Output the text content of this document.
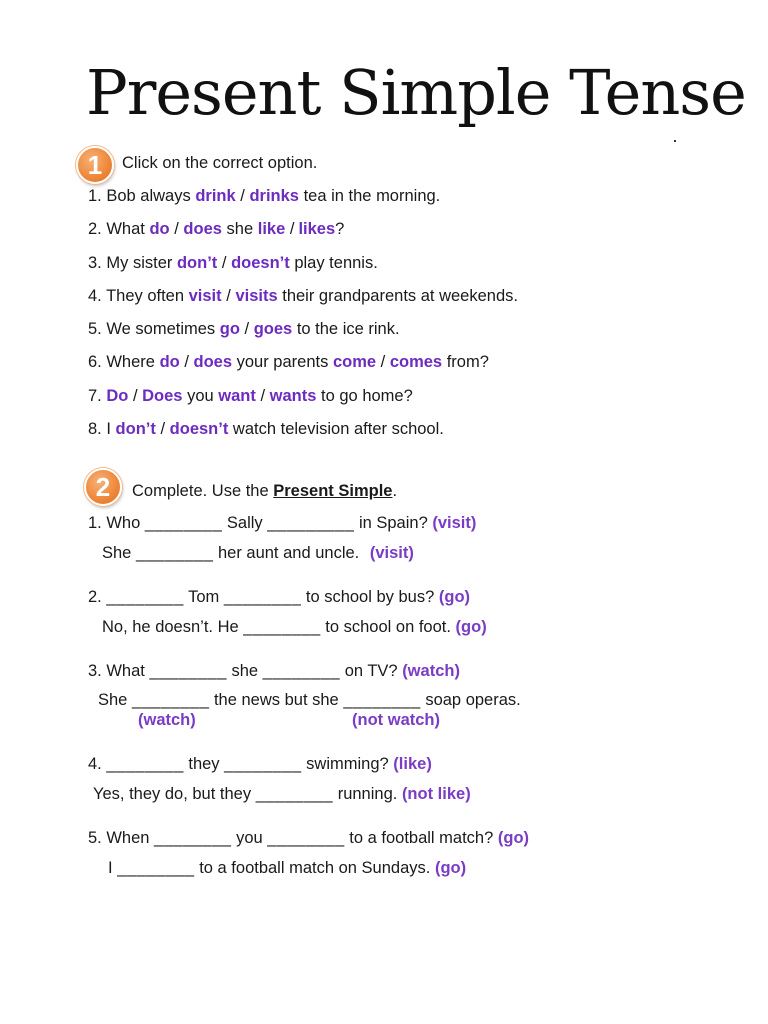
Present Simple Tense
1	Click on the correct option.
1. Bob always drink / drinks tea in the morning.
2. What do / does she like / likes?
3. My sister don’t / doesn’t play tennis.
4. They often visit / visits their grandparents at weekends.
5. We sometimes go / goes to the ice rink.
6. Where do / does your parents come / comes from?
7. Do / Does you want / wants to go home?
8. I don’t / doesn’t watch television after school.
2	Complete. Use the Present Simple.
1. Who ________ Sally _________ in Spain? (visit)
She ________ her aunt and uncle. (visit)
2. ________ Tom ________ to school by bus? (go)
No, he doesn’t. He ________ to school on foot. (go)
3. What ________ she ________ on TV? (watch)
She ________ the news but she ________ soap operas.
(watch)	(not watch)
4. ________ they ________ swimming? (like)
Yes, they do, but they ________ running. (not like)
5. When ________ you ________ to a football match? (go)
I ________ to a football match on Sundays. (go)
